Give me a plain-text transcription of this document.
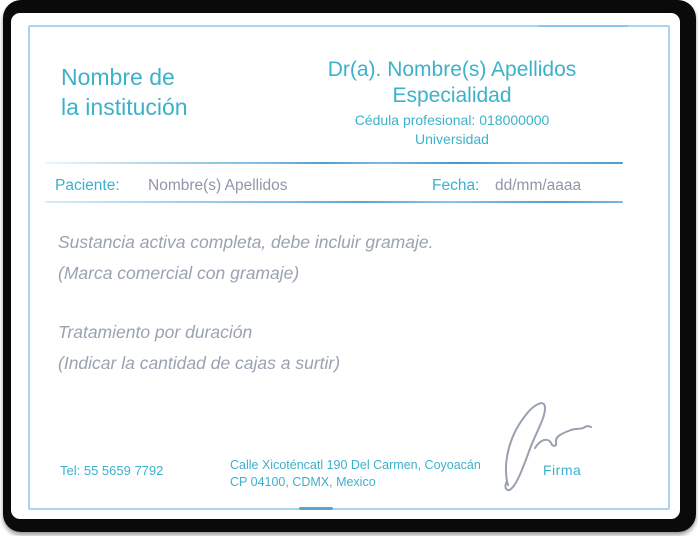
Nombre de
la institución
Dr(a). Nombre(s) Apellidos
Especialidad
Cédula profesional: 018000000
Universidad
Paciente: Nombre(s) Apellidos	Fecha: dd/mm/aaaa
Sustancia activa completa, debe incluir gramaje.
(Marca comercial con gramaje)
Tratamiento por duración
(Indicar la cantidad de cajas a surtir)
Tel: 55 5659 7792	Calle Xicoténcatl 190 Del Carmen, Coyoacán
CP 04100, CDMX, Mexico
Firma
